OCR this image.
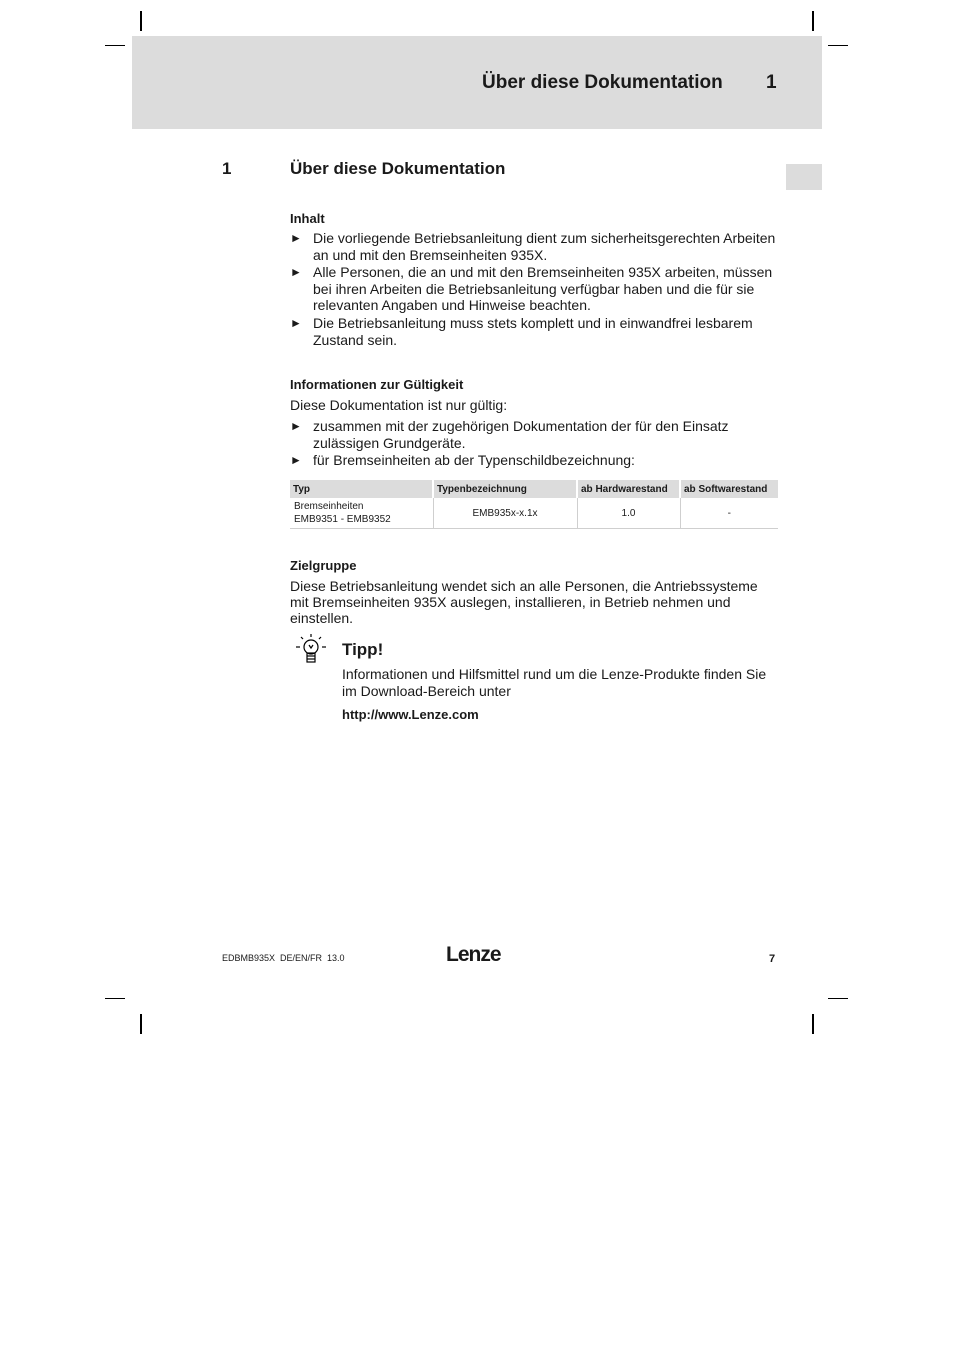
Über diese Dokumentation 1
1	Über diese Dokumentation
Inhalt
► Die vorliegende Betriebsanleitung dient zum sicherheitsgerechten Arbeiten an und mit den Bremseinheiten 935X.
► Alle Personen, die an und mit den Bremseinheiten 935X arbeiten, müssen bei ihren Arbeiten die Betriebsanleitung verfügbar haben und die für sie relevanten Angaben und Hinweise beachten.
► Die Betriebsanleitung muss stets komplett und in einwandfrei lesbarem Zustand sein.
Informationen zur Gültigkeit
Diese Dokumentation ist nur gültig:
► zusammen mit der zugehörigen Dokumentation der für den Einsatz zulässigen Grundgeräte.
► für Bremseinheiten ab der Typenschildbezeichnung:
Typ	Typenbezeichnung	ab Hardwarestand	ab Softwarestand

Bremseinheiten
EMB9351 - EMB9352	EMB935x-x.1x	1.0	-
Zielgruppe
Diese Betriebsanleitung wendet sich an alle Personen, die Antriebssysteme mit Bremseinheiten 935X auslegen, installieren, in Betrieb nehmen und einstellen.
Tipp!
Informationen und Hilfsmittel rund um die Lenze-Produkte finden Sie im Download-Bereich unter
http://www.Lenze.com
EDBMB935X  DE/EN/FR  13.0	Lenze	7
